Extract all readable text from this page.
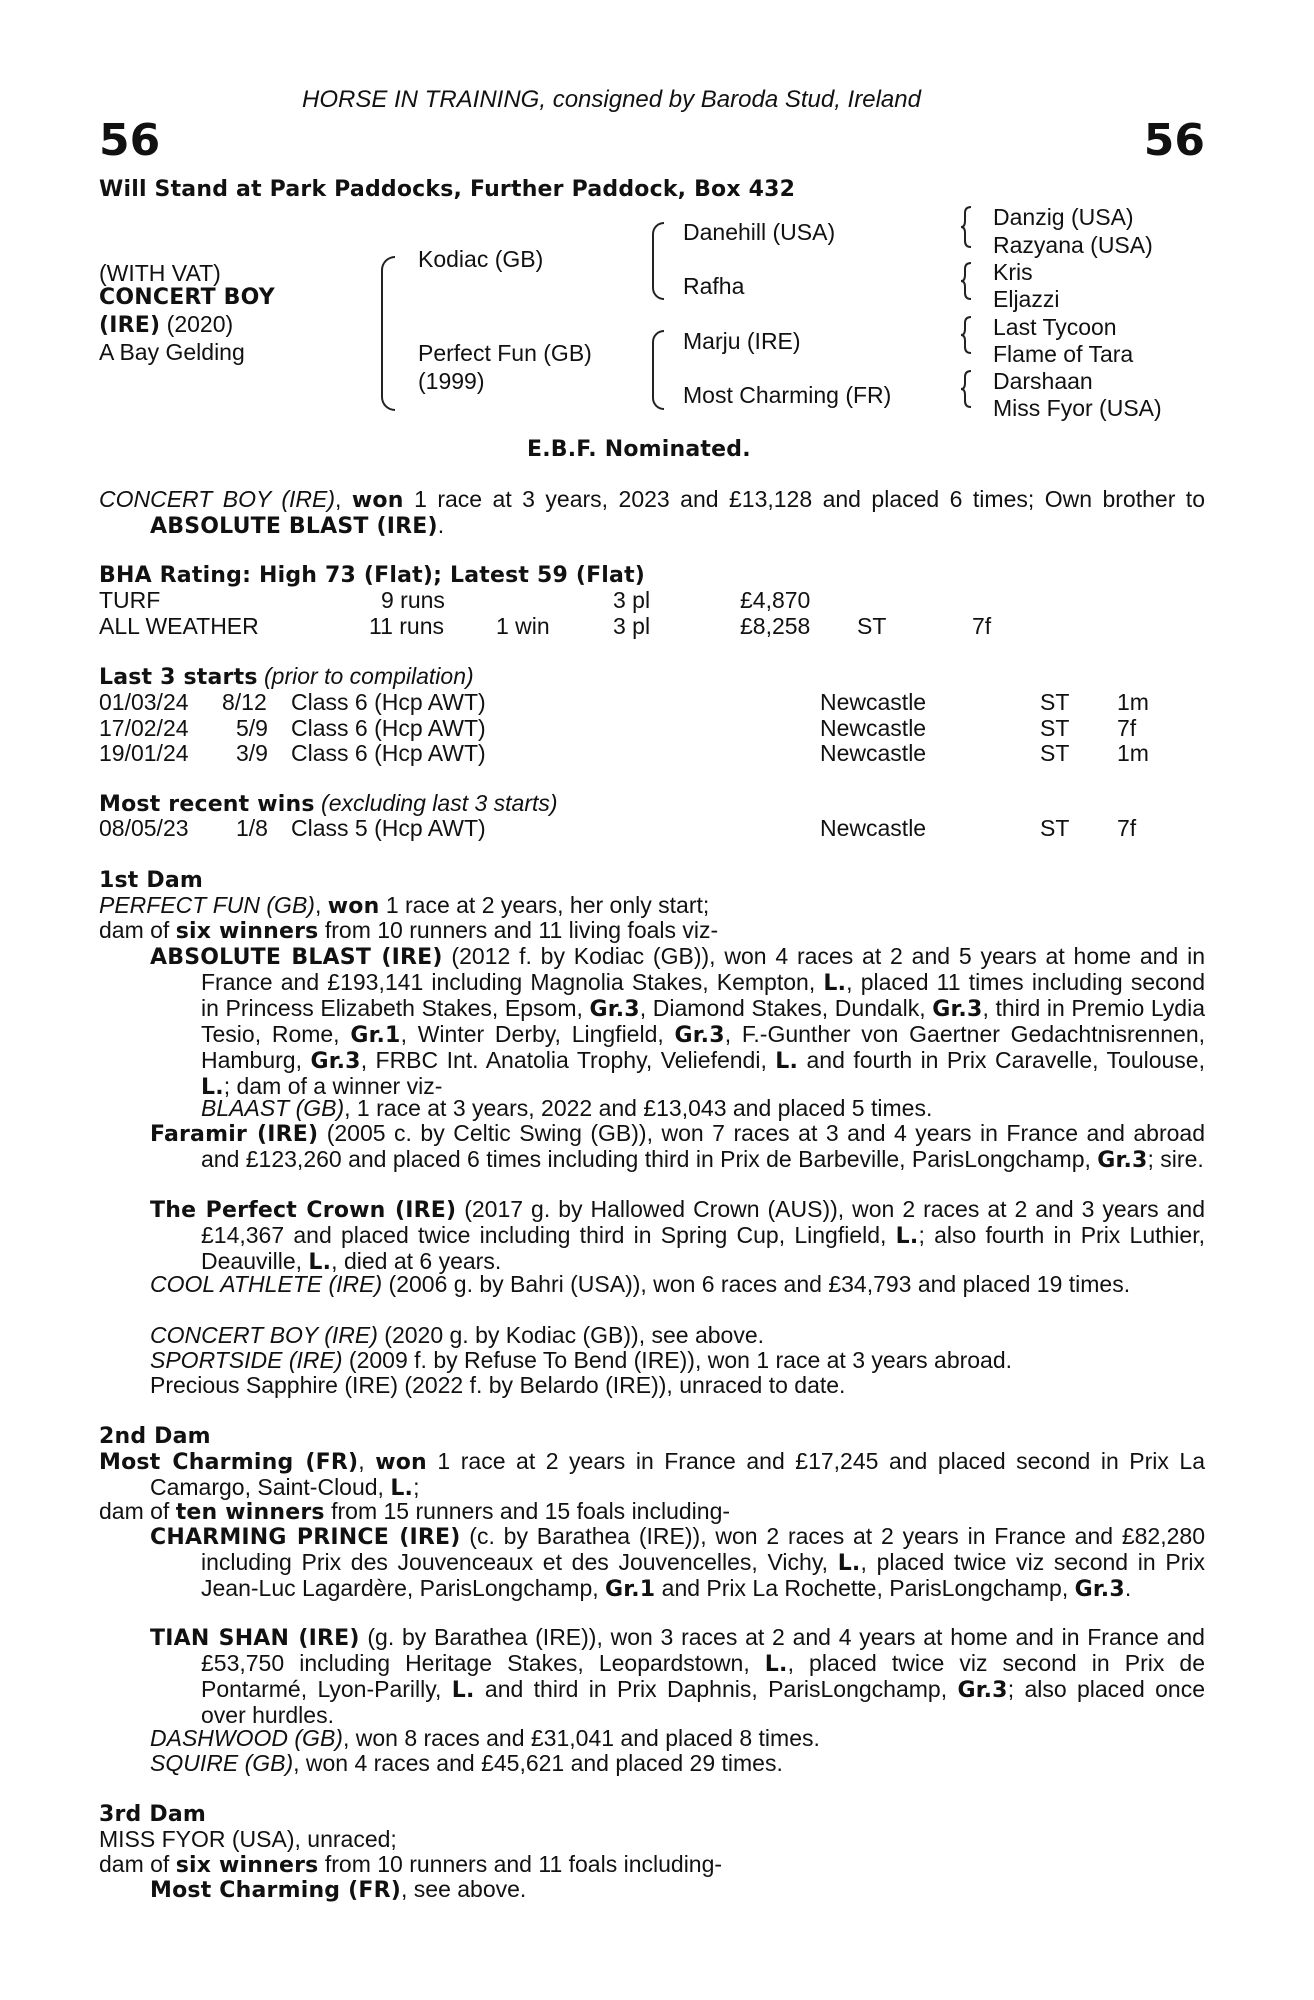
HORSE IN TRAINING, consigned by Baroda Stud, Ireland
56	56
Will Stand at Park Paddocks, Further Paddock, Box 432
(WITH VAT)
CONCERT BOY
(IRE) (2020)
A Bay Gelding
Kodiac (GB)
Perfect Fun (GB)
(1999)
Danehill (USA)
Rafha
Marju (IRE)
Most Charming (FR)
Danzig (USA)
Razyana (USA)
Kris
Eljazzi
Last Tycoon
Flame of Tara
Darshaan
Miss Fyor (USA)
E.B.F. Nominated.
CONCERT BOY (IRE), won 1 race at 3 years, 2023 and £13,128 and placed 6 times; Own brother to ABSOLUTE BLAST (IRE).
BHA Rating: High 73 (Flat); Latest 59 (Flat)
TURF	9 runs	3 pl	£4,870
ALL WEATHER	11 runs 1 win	3 pl	£8,258 ST	7f
Last 3 starts (prior to compilation)
01/03/24 8/12 Class 6 (Hcp AWT)	Newcastle	ST 1m
17/02/24 5/9 Class 6 (Hcp AWT)	Newcastle	ST 7f
19/01/24 3/9 Class 6 (Hcp AWT)	Newcastle	ST 1m
Most recent wins (excluding last 3 starts)
08/05/23 1/8 Class 5 (Hcp AWT)	Newcastle	ST 7f
1st Dam
PERFECT FUN (GB), won 1 race at 2 years, her only start;
dam of six winners from 10 runners and 11 living foals viz-
ABSOLUTE BLAST (IRE) (2012 f. by Kodiac (GB)), won 4 races at 2 and 5 years at home and in France and £193,141 including Magnolia Stakes, Kempton, L., placed 11 times including second in Princess Elizabeth Stakes, Epsom, Gr.3, Diamond Stakes, Dundalk, Gr.3, third in Premio Lydia Tesio, Rome, Gr.1, Winter Derby, Lingfield, Gr.3, F.-Gunther von Gaertner Gedachtnisrennen, Hamburg, Gr.3, FRBC Int. Anatolia Trophy, Veliefendi, L. and fourth in Prix Caravelle, Toulouse, L.; dam of a winner viz-
BLAAST (GB), 1 race at 3 years, 2022 and £13,043 and placed 5 times.
Faramir (IRE) (2005 c. by Celtic Swing (GB)), won 7 races at 3 and 4 years in France and abroad and £123,260 and placed 6 times including third in Prix de Barbeville, ParisLongchamp, Gr.3; sire.
The Perfect Crown (IRE) (2017 g. by Hallowed Crown (AUS)), won 2 races at 2 and 3 years and £14,367 and placed twice including third in Spring Cup, Lingfield, L.; also fourth in Prix Luthier, Deauville, L., died at 6 years.
COOL ATHLETE (IRE) (2006 g. by Bahri (USA)), won 6 races and £34,793 and placed 19 times.
CONCERT BOY (IRE) (2020 g. by Kodiac (GB)), see above.
SPORTSIDE (IRE) (2009 f. by Refuse To Bend (IRE)), won 1 race at 3 years abroad.
Precious Sapphire (IRE) (2022 f. by Belardo (IRE)), unraced to date.
2nd Dam
Most Charming (FR), won 1 race at 2 years in France and £17,245 and placed second in Prix La Camargo, Saint-Cloud, L.;
dam of ten winners from 15 runners and 15 foals including-
CHARMING PRINCE (IRE) (c. by Barathea (IRE)), won 2 races at 2 years in France and £82,280 including Prix des Jouvenceaux et des Jouvencelles, Vichy, L., placed twice viz second in Prix Jean-Luc Lagardère, ParisLongchamp, Gr.1 and Prix La Rochette, ParisLongchamp, Gr.3.
TIAN SHAN (IRE) (g. by Barathea (IRE)), won 3 races at 2 and 4 years at home and in France and £53,750 including Heritage Stakes, Leopardstown, L., placed twice viz second in Prix de Pontarmé, Lyon-Parilly, L. and third in Prix Daphnis, ParisLongchamp, Gr.3; also placed once over hurdles.
DASHWOOD (GB), won 8 races and £31,041 and placed 8 times.
SQUIRE (GB), won 4 races and £45,621 and placed 29 times.
3rd Dam
MISS FYOR (USA), unraced;
dam of six winners from 10 runners and 11 foals including-
Most Charming (FR), see above.
